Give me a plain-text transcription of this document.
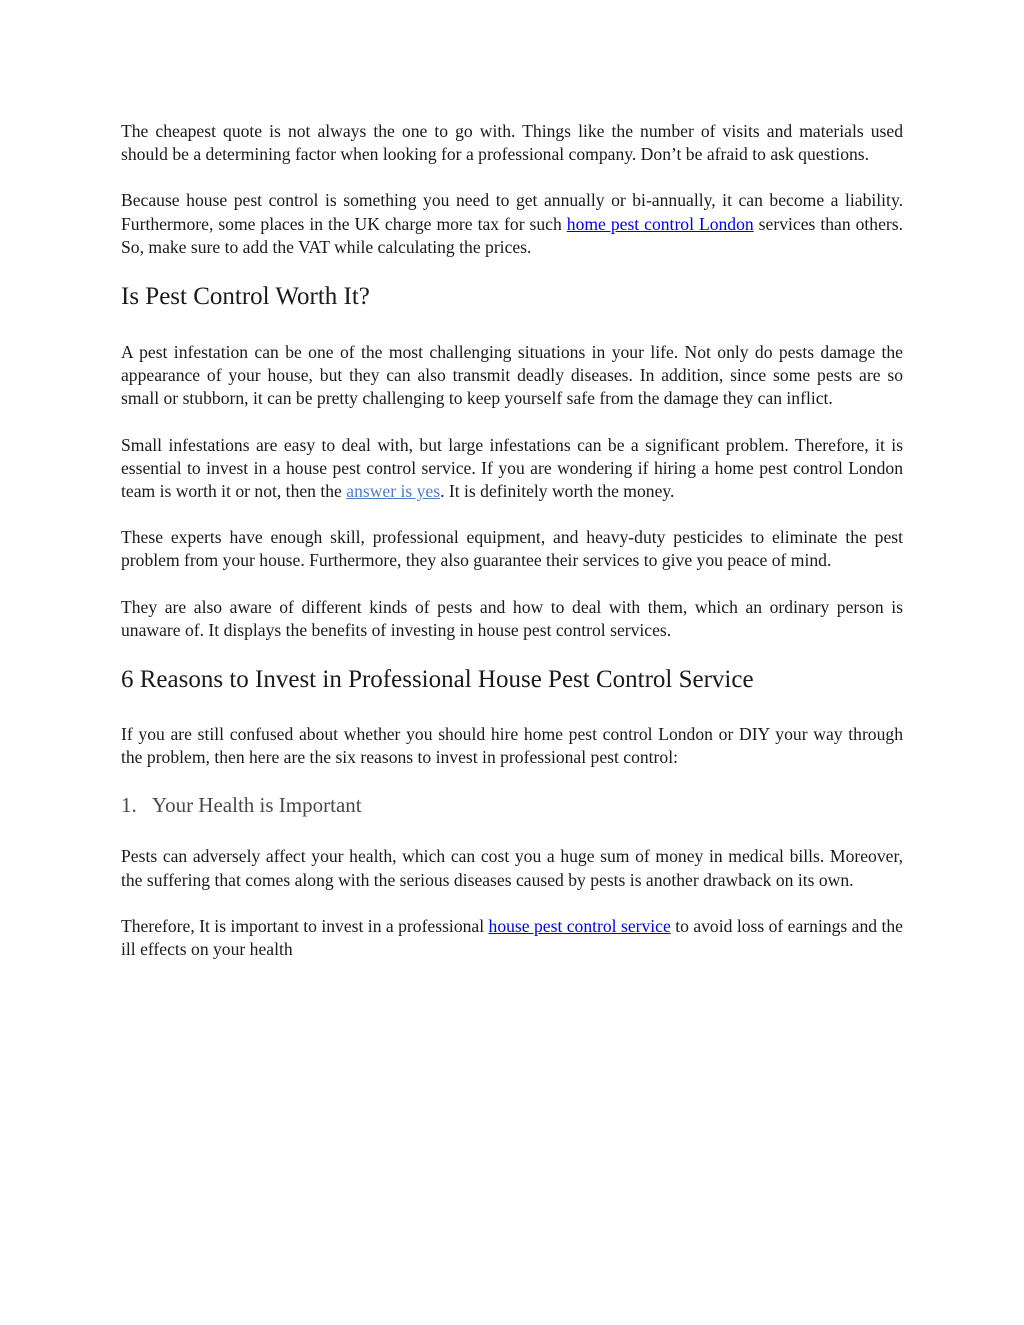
The cheapest quote is not always the one to go with. Things like the number of visits and materials used should be a determining factor when looking for a professional company. Don’t be afraid to ask questions.

Because house pest control is something you need to get annually or bi-annually, it can become a liability. Furthermore, some places in the UK charge more tax for such home pest control London services than others. So, make sure to add the VAT while calculating the prices.

Is Pest Control Worth It?

A pest infestation can be one of the most challenging situations in your life. Not only do pests damage the appearance of your house, but they can also transmit deadly diseases. In addition, since some pests are so small or stubborn, it can be pretty challenging to keep yourself safe from the damage they can inflict.

Small infestations are easy to deal with, but large infestations can be a significant problem. Therefore, it is essential to invest in a house pest control service. If you are wondering if hiring a home pest control London team is worth it or not, then the answer is yes. It is definitely worth the money.

These experts have enough skill, professional equipment, and heavy-duty pesticides to eliminate the pest problem from your house. Furthermore, they also guarantee their services to give you peace of mind.

They are also aware of different kinds of pests and how to deal with them, which an ordinary person is unaware of. It displays the benefits of investing in house pest control services.

6 Reasons to Invest in Professional House Pest Control Service

If you are still confused about whether you should hire home pest control London or DIY your way through the problem, then here are the six reasons to invest in professional pest control:

1. Your Health is Important

Pests can adversely affect your health, which can cost you a huge sum of money in medical bills. Moreover, the suffering that comes along with the serious diseases caused by pests is another drawback on its own.

Therefore, It is important to invest in a professional house pest control service to avoid loss of earnings and the ill effects on your health
